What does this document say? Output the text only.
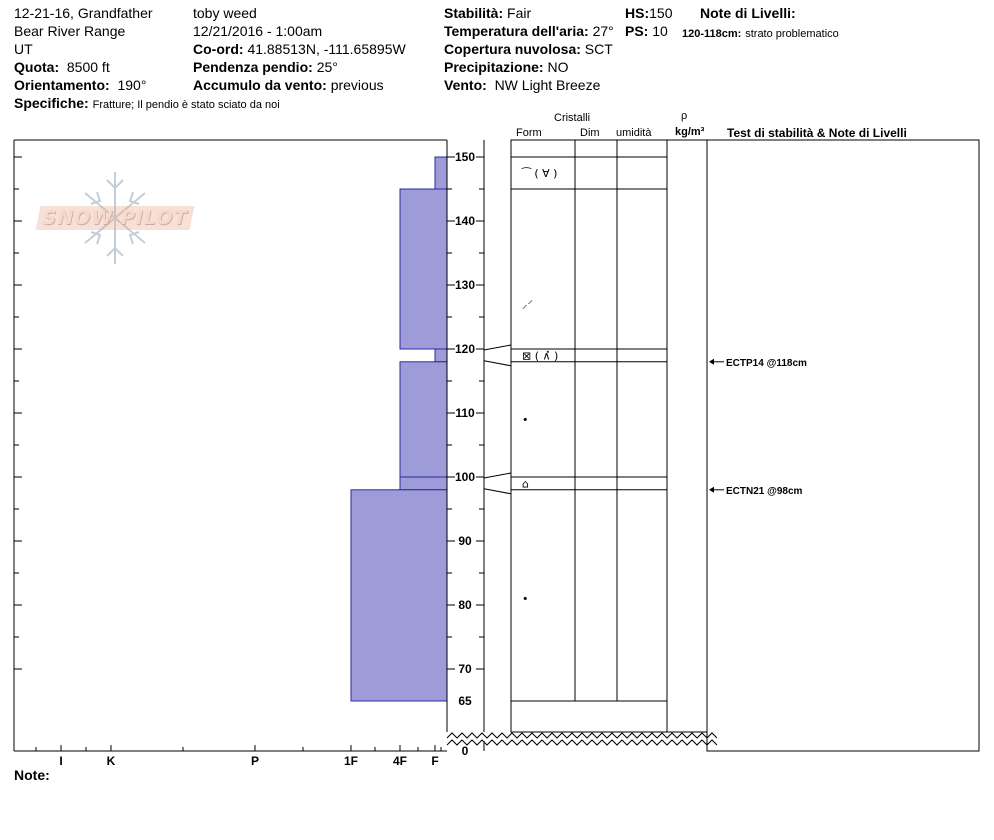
12-21-16, Grandfather
Bear River Range
UT
Quota: 8500 ft
Orientamento: 190°
Specifiche: Fratture; Il pendio è stato sciato da noi
toby weed
12/21/2016 - 1:00am
Co-ord: 41.88513N, -111.65895W
Pendenza pendio: 25°
Accumulo da vento: previous
Stabilità: Fair	HS:150
Temperatura dell'aria: 27° PS: 10
Copertura nuvolosa: SCT
Precipitazione: NO
Vento: NW Light Breeze
Note di Livelli:
120-118cm: strato problematico
Cristalli
Form	Dim umidità
ρ
kg/m³ Test di stabilità & Note di Livelli
I	K	P	1F	4F F
150
140
130
120
110
100
90
80
70
65
0
⁀ ( ∀ )
⸝⸍
⊠ ( ∧̽ )
•
⌂
•
ECTP14 @118cm
ECTN21 @98cm
SNOW PILOT
Note:
